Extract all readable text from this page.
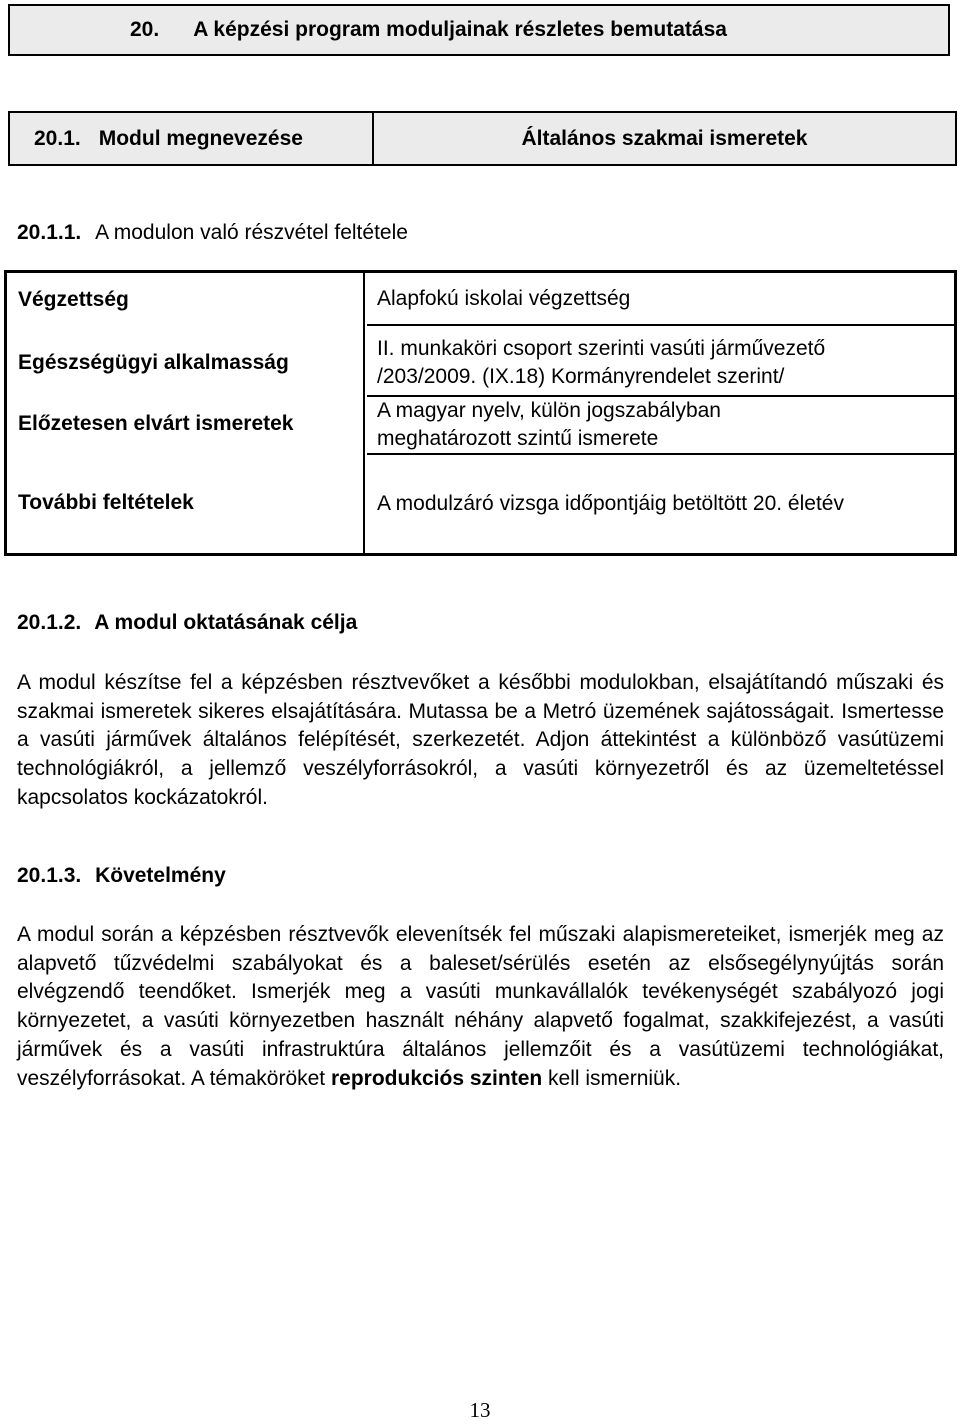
20. A képzési program moduljainak részletes bemutatása
20.1. Modul megnevezése	Általános szakmai ismeretek
20.1.1. A modulon való részvétel feltétele
Végzettség
Egészségügyi alkalmasság
Előzetesen elvárt ismeretek
További feltételek
Alapfokú iskolai végzettség
II. munkaköri csoport szerinti vasúti járművezető
/203/2009. (IX.18) Kormányrendelet szerint/
A magyar nyelv, külön jogszabályban
meghatározott szintű ismerete
A modulzáró vizsga időpontjáig betöltött 20. életév
20.1.2. A modul oktatásának célja
A modul készítse fel a képzésben résztvevőket a későbbi modulokban, elsajátítandó műszaki és szakmai ismeretek sikeres elsajátítására. Mutassa be a Metró üzemének sajátosságait. Ismertesse a vasúti járművek általános felépítését, szerkezetét. Adjon áttekintést a különböző vasútüzemi technológiákról, a jellemző veszélyforrásokról, a vasúti környezetről és az üzemeltetéssel kapcsolatos kockázatokról.
20.1.3. Követelmény
A modul során a képzésben résztvevők elevenítsék fel műszaki alapismereteiket, ismerjék meg az alapvető tűzvédelmi szabályokat és a baleset/sérülés esetén az elsősegélynyújtás során elvégzendő teendőket. Ismerjék meg a vasúti munkavállalók tevékenységét szabályozó jogi környezetet, a vasúti környezetben használt néhány alapvető fogalmat, szakkifejezést, a vasúti járművek és a vasúti infrastruktúra általános jellemzőit és a vasútüzemi technológiákat, veszélyforrásokat. A témaköröket reprodukciós szinten kell ismerniük.
13
